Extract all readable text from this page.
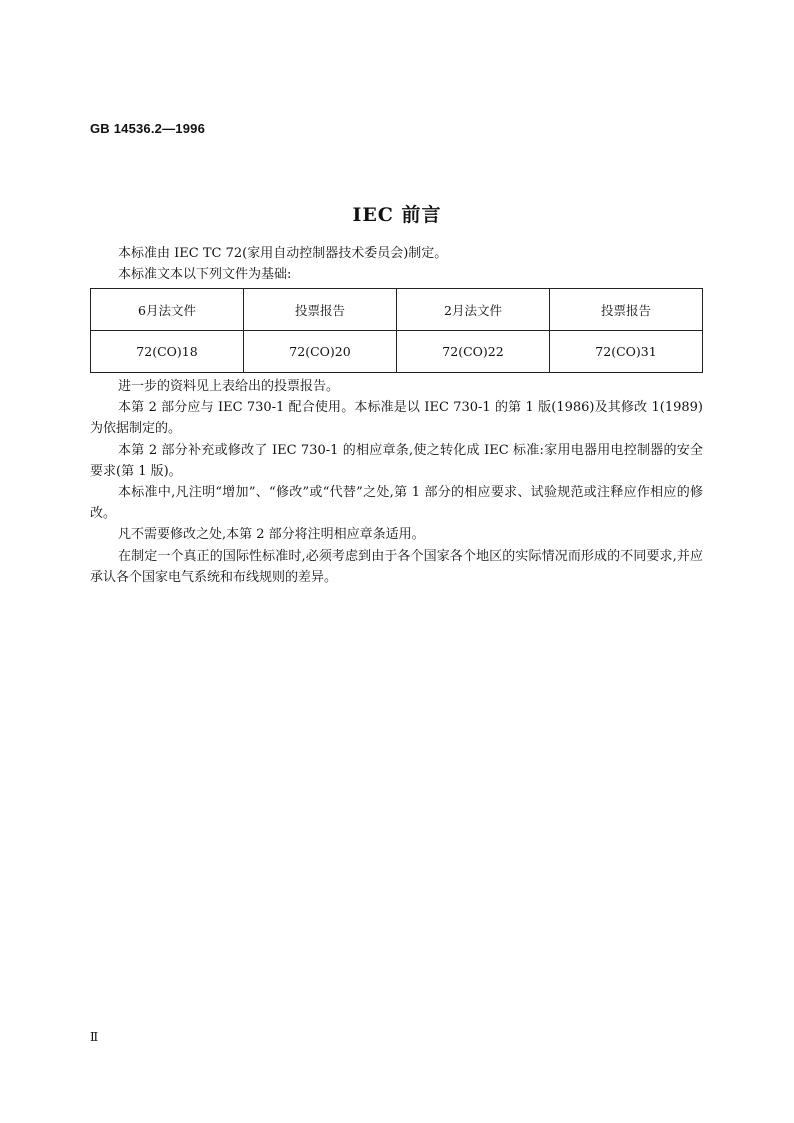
GB 14536.2—1996
IEC 前言
本标准由 IEC TC 72(家用自动控制器技术委员会)制定。
本标准文本以下列文件为基础:
6月法文件	投票报告	2月法文件	投票报告
72(CO)18	72(CO)20	72(CO)22	72(CO)31

进一步的资料见上表给出的投票报告。

本第 2 部分应与 IEC 730-1 配合使用。本标准是以 IEC 730-1 的第 1 版(1986)及其修改 1(1989)为依据制定的。

本第 2 部分补充或修改了 IEC 730-1 的相应章条,使之转化成 IEC 标准:家用电器用电控制器的安全要求(第 1 版)。

本标准中,凡注明“增加”、“修改”或“代替”之处,第 1 部分的相应要求、试验规范或注释应作相应的修改。

凡不需要修改之处,本第 2 部分将注明相应章条适用。

在制定一个真正的国际性标准时,必须考虑到由于各个国家各个地区的实际情况而形成的不同要求,并应承认各个国家电气系统和布线规则的差异。

Ⅱ
